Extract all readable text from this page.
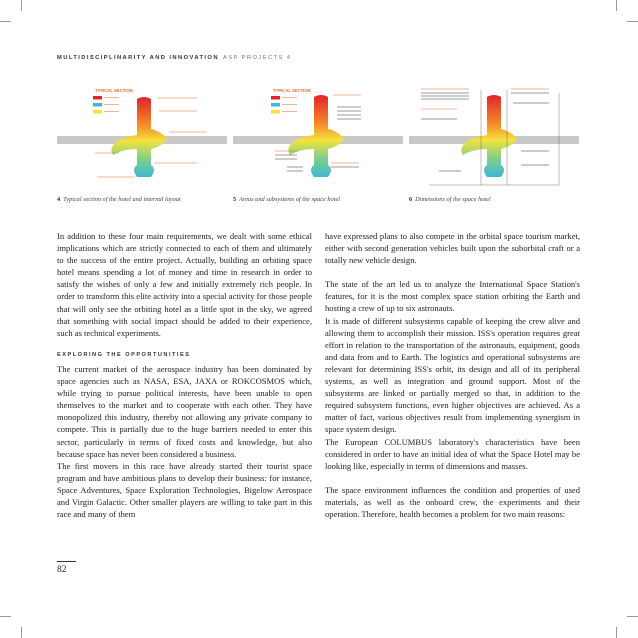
MULTIDISCIPLINARITY AND INNOVATION ASP PROJECTS 4
TYPICAL SECTION
4 Typical section of the hotel and internal layout
TYPICAL SECTION
5 Areas and subsystems of the space hotel	6 Dimensions of the space hotel

In addition to these four main requirements, we dealt with some ethical implications which are strictly connected to each of them and ultimately to the success of the entire project. Actually, building an orbiting space hotel means spending a lot of money and time in research in order to satisfy the wishes of only a few and initially extremely rich people. In order to transform this elite activity into a special activity for those people that will only see the orbiting hotel as a little spot in the sky, we agreed that something with social impact should be added to their experience, such as technical experiments.

EXPLORING THE OPPORTUNITIES

The current market of the aerospace industry has been dominated by space agencies such as NASA, ESA, JAXA or ROKCOSMOS which, while trying to pursue political interests, have been unable to open themselves to the market and to cooperate with each other. They have monopolized this industry, thereby not allowing any private company to compete. This is partially due to the huge barriers needed to enter this sector, particularly in terms of fixed costs and knowledge, but also because space has never been considered a business.

The first movers in this race have already started their tourist space program and have ambitious plans to develop their business: for instance, Space Adventures, Space Exploration Technologies, Bigelow Aerospace and Virgin Galactic. Other smaller players are willing to take part in this race and many of them

have expressed plans to also compete in the orbital space tourism market, either with second generation vehicles built upon the suborbital craft or a totally new vehicle design.

The state of the art led us to analyze the International Space Station's features, for it is the most complex space station orbiting the Earth and hosting a crew of up to six astronauts.

It is made of different subsystems capable of keeping the crew alive and allowing them to accomplish their mission. ISS's operation requires great effort in relation to the transportation of the astronauts, equipment, goods and data from and to Earth. The logistics and operational subsystems are relevant for determining ISS's orbit, its design and all of its peripheral systems, as well as integration and ground support. Most of the subsystems are linked or partially merged so that, in addition to the required subsystem functions, even higher objectives are achieved. As a matter of fact, various objectives result from implementing synergism in space system design.

The European COLUMBUS laboratory's characteristics have been considered in order to have an initial idea of what the Space Hotel may be looking like, especially in terms of dimensions and masses.

The space environment influences the condition and properties of used materials, as well as the onboard crew, the experiments and their operation. Therefore, health becomes a problem for two main reasons:

82
